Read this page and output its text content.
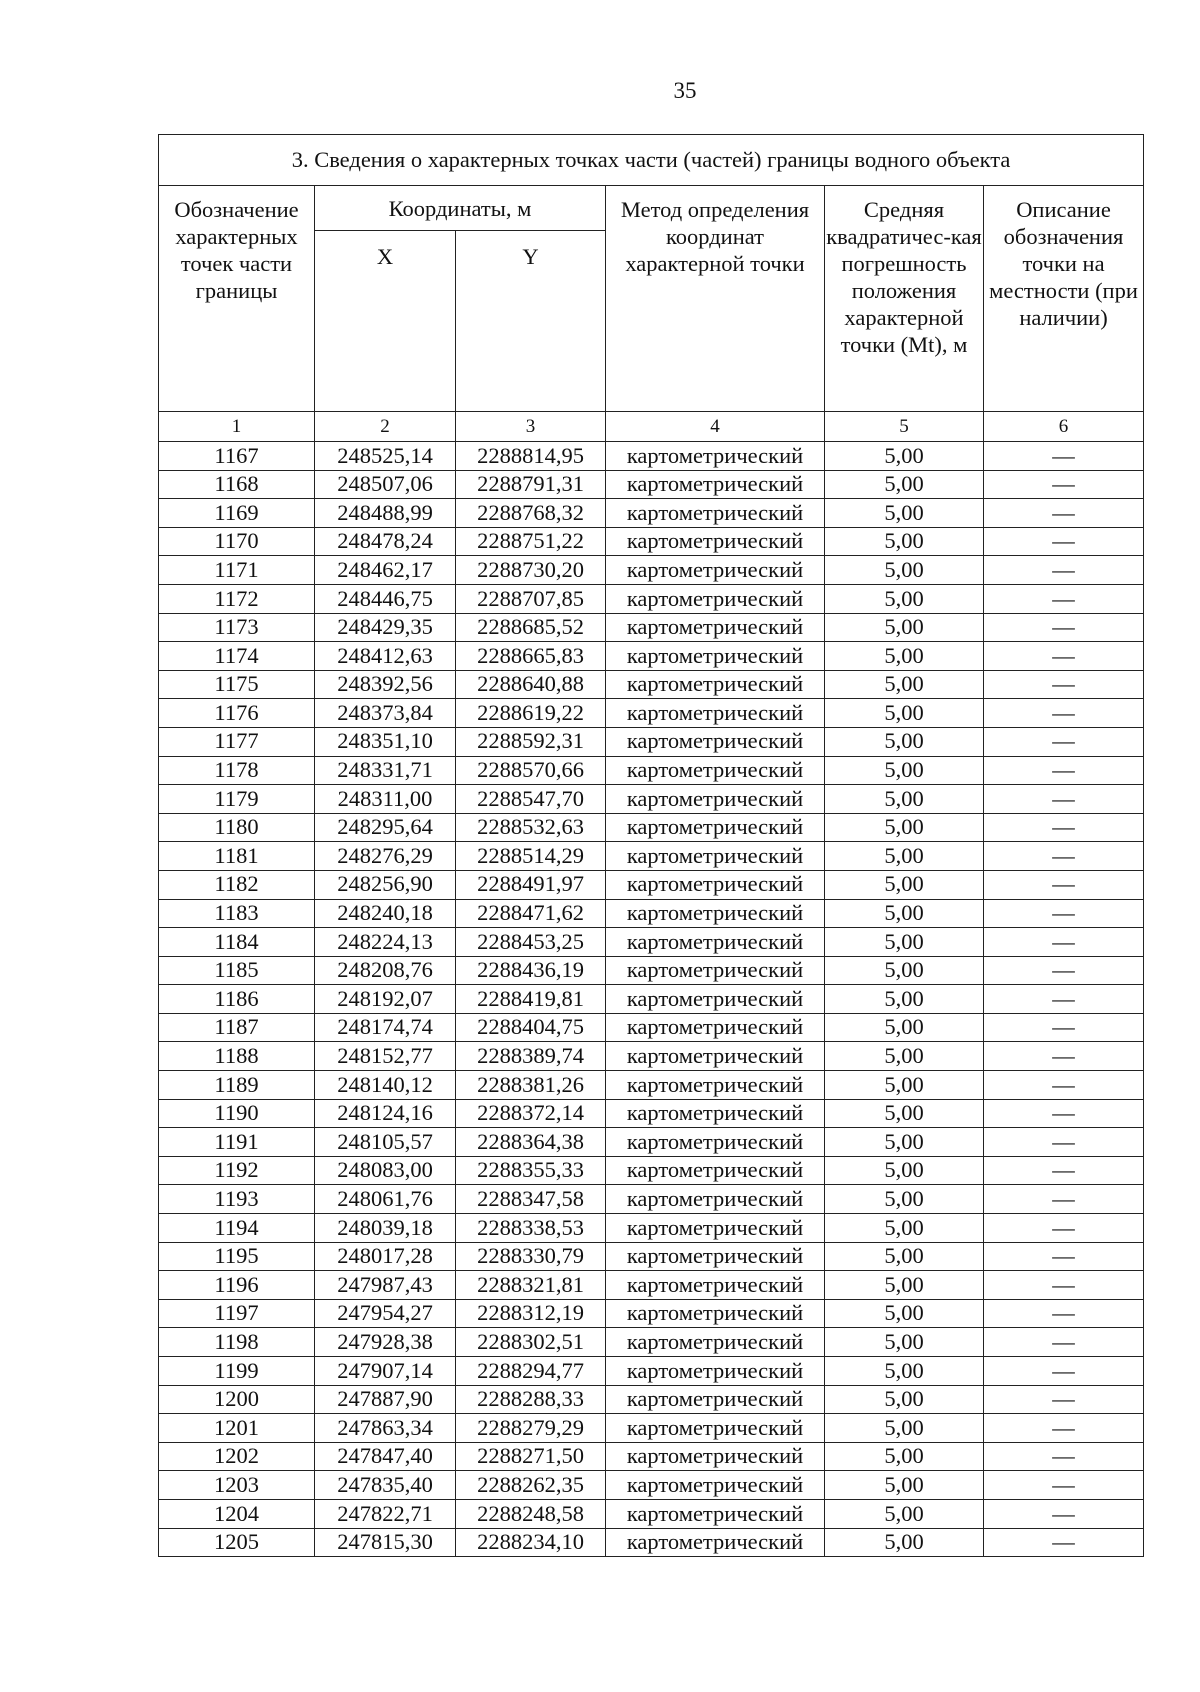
35
3. Сведения о характерных точках части (частей) границы водного объекта					
Обозначение характерных точек части границы	Координаты, м		Метод определения координат характерной точки	Средняя квадратичес-кая погрешность положения характерной точки (Mt), м	Описание обозначения точки на местности (при наличии)
	X	Y			
1	2	3	4	5	6
1167	248525,14	2288814,95	картометрический	5,00	—
1168	248507,06	2288791,31	картометрический	5,00	—
1169	248488,99	2288768,32	картометрический	5,00	—
1170	248478,24	2288751,22	картометрический	5,00	—
1171	248462,17	2288730,20	картометрический	5,00	—
1172	248446,75	2288707,85	картометрический	5,00	—
1173	248429,35	2288685,52	картометрический	5,00	—
1174	248412,63	2288665,83	картометрический	5,00	—
1175	248392,56	2288640,88	картометрический	5,00	—
1176	248373,84	2288619,22	картометрический	5,00	—
1177	248351,10	2288592,31	картометрический	5,00	—
1178	248331,71	2288570,66	картометрический	5,00	—
1179	248311,00	2288547,70	картометрический	5,00	—
1180	248295,64	2288532,63	картометрический	5,00	—
1181	248276,29	2288514,29	картометрический	5,00	—
1182	248256,90	2288491,97	картометрический	5,00	—
1183	248240,18	2288471,62	картометрический	5,00	—
1184	248224,13	2288453,25	картометрический	5,00	—
1185	248208,76	2288436,19	картометрический	5,00	—
1186	248192,07	2288419,81	картометрический	5,00	—
1187	248174,74	2288404,75	картометрический	5,00	—
1188	248152,77	2288389,74	картометрический	5,00	—
1189	248140,12	2288381,26	картометрический	5,00	—
1190	248124,16	2288372,14	картометрический	5,00	—
1191	248105,57	2288364,38	картометрический	5,00	—
1192	248083,00	2288355,33	картометрический	5,00	—
1193	248061,76	2288347,58	картометрический	5,00	—
1194	248039,18	2288338,53	картометрический	5,00	—
1195	248017,28	2288330,79	картометрический	5,00	—
1196	247987,43	2288321,81	картометрический	5,00	—
1197	247954,27	2288312,19	картометрический	5,00	—
1198	247928,38	2288302,51	картометрический	5,00	—
1199	247907,14	2288294,77	картометрический	5,00	—
1200	247887,90	2288288,33	картометрический	5,00	—
1201	247863,34	2288279,29	картометрический	5,00	—
1202	247847,40	2288271,50	картометрический	5,00	—
1203	247835,40	2288262,35	картометрический	5,00	—
1204	247822,71	2288248,58	картометрический	5,00	—
1205	247815,30	2288234,10	картометрический	5,00	—
